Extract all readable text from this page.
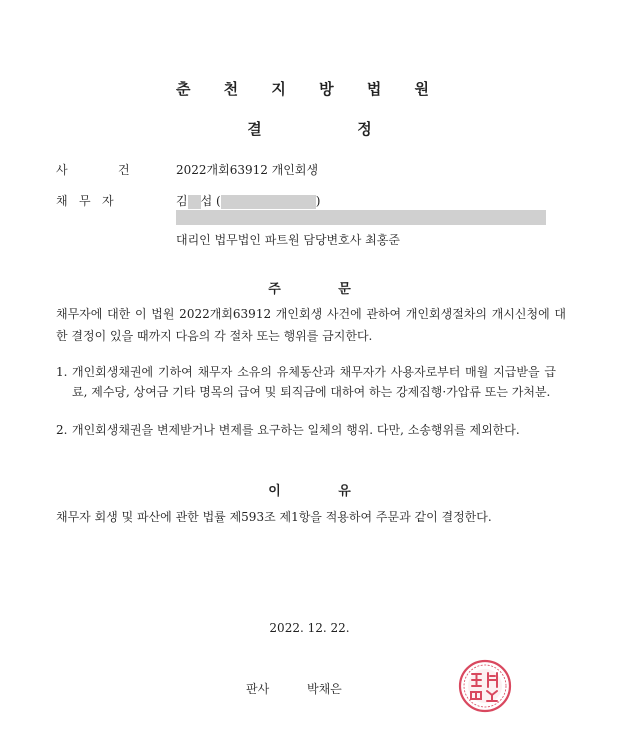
춘 천 지 방 법 원
결	정
사	건	2022개회63912 개인회생
채 무 자	김 섭 (	)
대리인 법무법인 파트원 담당변호사 최홍준
주	문
채무자에 대한 이 법원 2022개회63912 개인회생 사건에 관하여 개인회생절차의 개시신청에 대한 결정이 있을 때까지 다음의 각 절차 또는 행위를 금지한다.
1. 개인회생채권에 기하여 채무자 소유의 유체동산과 채무자가 사용자로부터 매월 지급받을 급료, 제수당, 상여금 기타 명목의 급여 및 퇴직금에 대하여 하는 강제집행·가압류 또는 가처분.
2. 개인회생채권을 변제받거나 변제를 요구하는 일체의 행위. 다만, 소송행위를 제외한다.
이	유
채무자 회생 및 파산에 관한 법률 제593조 제1항을 적용하여 주문과 같이 결정한다.
2022. 12. 22.
판사	박채은
